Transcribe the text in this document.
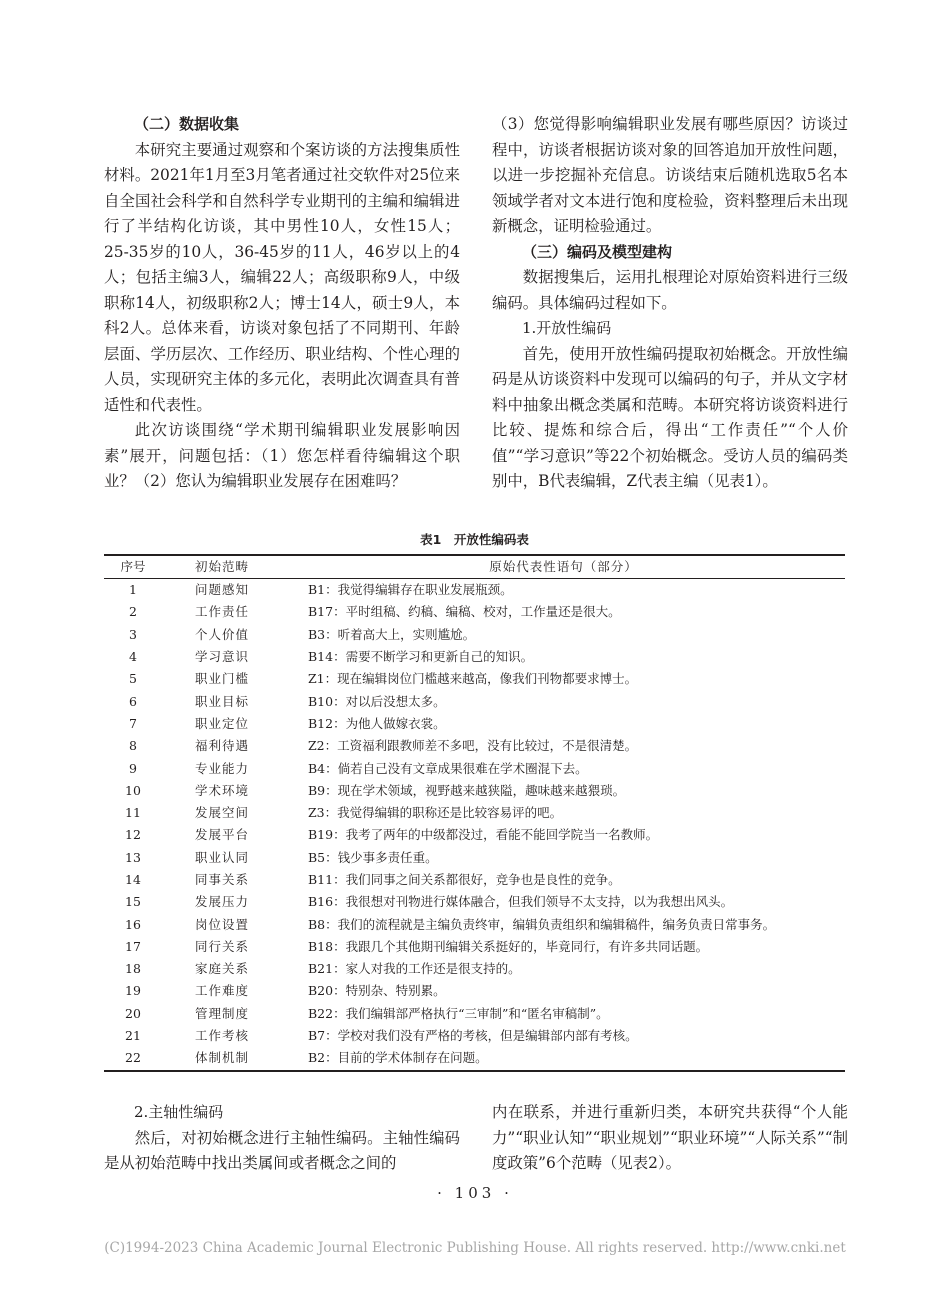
（二）数据收集

本研究主要通过观察和个案访谈的方法搜集质性材料。2021年1月至3月笔者通过社交软件对25位来自全国社会科学和自然科学专业期刊的主编和编辑进行了半结构化访谈，其中男性10人，女性15人；25-35岁的10人，36-45岁的11人，46岁以上的4人；包括主编3人，编辑22人；高级职称9人，中级职称14人，初级职称2人；博士14人，硕士9人，本科2人。总体来看，访谈对象包括了不同期刊、年龄层面、学历层次、工作经历、职业结构、个性心理的人员，实现研究主体的多元化，表明此次调查具有普适性和代表性。

此次访谈围绕“学术期刊编辑职业发展影响因素”展开，问题包括：（1）您怎样看待编辑这个职业？（2）您认为编辑职业发展存在困难吗？

（3）您觉得影响编辑职业发展有哪些原因？访谈过程中，访谈者根据访谈对象的回答追加开放性问题，以进一步挖掘补充信息。访谈结束后随机选取5名本领域学者对文本进行饱和度检验，资料整理后未出现新概念，证明检验通过。

（三）编码及模型建构

数据搜集后，运用扎根理论对原始资料进行三级编码。具体编码过程如下。

1.开放性编码

首先，使用开放性编码提取初始概念。开放性编码是从访谈资料中发现可以编码的句子，并从文字材料中抽象出概念类属和范畴。本研究将访谈资料进行比较、提炼和综合后，得出“工作责任”“个人价值”“学习意识”等22个初始概念。受访人员的编码类别中，B代表编辑，Z代表主编（见表1）。

表1　开放性编码表
序号	初始范畴	原始代表性语句（部分）
1	问题感知	B1：我觉得编辑存在职业发展瓶颈。
2	工作责任	B17：平时组稿、约稿、编稿、校对，工作量还是很大。
3	个人价值	B3：听着高大上，实则尴尬。
4	学习意识	B14：需要不断学习和更新自己的知识。
5	职业门槛	Z1：现在编辑岗位门槛越来越高，像我们刊物都要求博士。
6	职业目标	B10：对以后没想太多。
7	职业定位	B12：为他人做嫁衣裳。
8	福利待遇	Z2：工资福利跟教师差不多吧，没有比较过，不是很清楚。
9	专业能力	B4：倘若自己没有文章成果很难在学术圈混下去。
10	学术环境	B9：现在学术领域，视野越来越狭隘，趣味越来越猥琐。
11	发展空间	Z3：我觉得编辑的职称还是比较容易评的吧。
12	发展平台	B19：我考了两年的中级都没过，看能不能回学院当一名教师。
13	职业认同	B5：钱少事多责任重。
14	同事关系	B11：我们同事之间关系都很好，竞争也是良性的竞争。
15	发展压力	B16：我很想对刊物进行媒体融合，但我们领导不太支持，以为我想出风头。
16	岗位设置	B8：我们的流程就是主编负责终审，编辑负责组织和编辑稿件，编务负责日常事务。
17	同行关系	B18：我跟几个其他期刊编辑关系挺好的，毕竟同行，有许多共同话题。
18	家庭关系	B21：家人对我的工作还是很支持的。
19	工作难度	B20：特别杂、特别累。
20	管理制度	B22：我们编辑部严格执行“三审制”和“匿名审稿制”。
21	工作考核	B7：学校对我们没有严格的考核，但是编辑部内部有考核。
22	体制机制	B2：目前的学术体制存在问题。

2.主轴性编码

然后，对初始概念进行主轴性编码。主轴性编码是从初始范畴中找出类属间或者概念之间的

内在联系，并进行重新归类，本研究共获得“个人能力”“职业认知”“职业规划”“职业环境”“人际关系”“制度政策”6个范畴（见表2）。

· 103 ·
(C)1994-2023 China Academic Journal Electronic Publishing House. All rights reserved. http://www.cnki.net
